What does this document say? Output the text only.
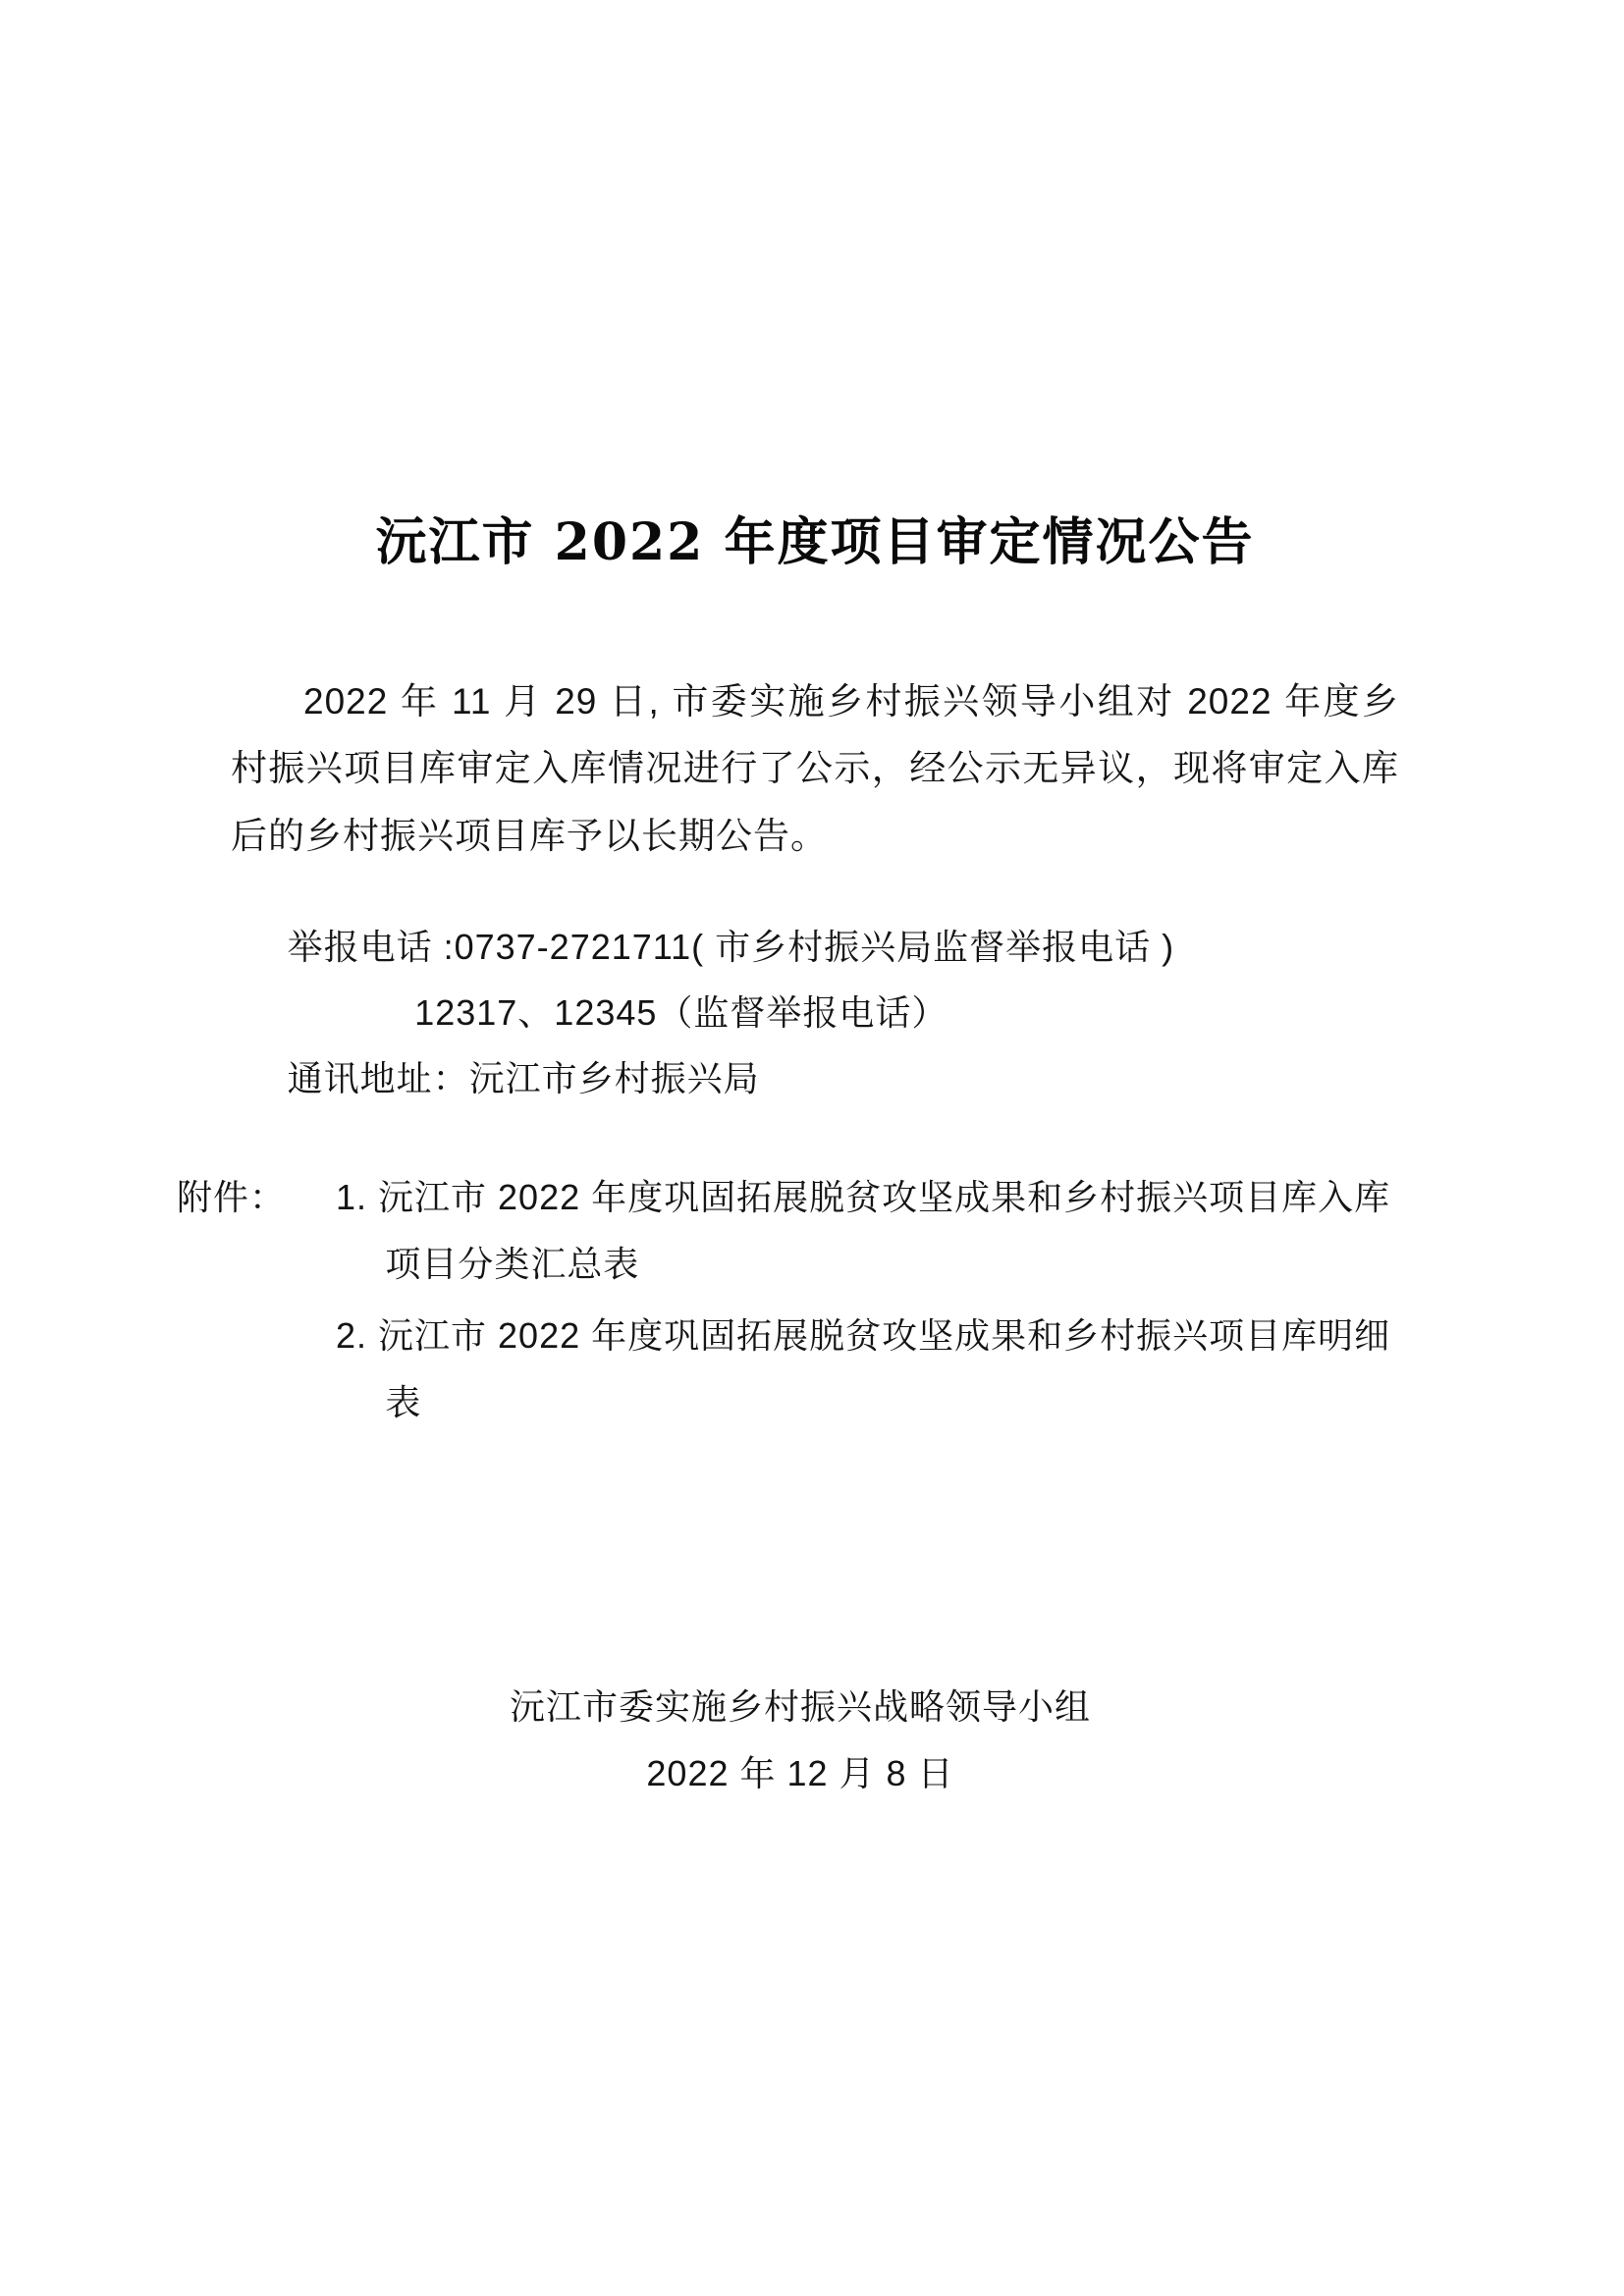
沅江市 2022 年度项目审定情况公告

2022 年 11 月 29 日, 市委实施乡村振兴领导小组对 2022 年度乡村振兴项目库审定入库情况进行了公示，经公示无异议，现将审定入库后的乡村振兴项目库予以长期公告。

举报电话 :0737-2721711( 市乡村振兴局监督举报电话 )
12317、12345（监督举报电话）
通讯地址：沅江市乡村振兴局
附件：	1. 沅江市 2022 年度巩固拓展脱贫攻坚成果和乡村振兴项目库入库项目分类汇总表
2. 沅江市 2022 年度巩固拓展脱贫攻坚成果和乡村振兴项目库明细表
沅江市委实施乡村振兴战略领导小组
2022 年 12 月 8 日
